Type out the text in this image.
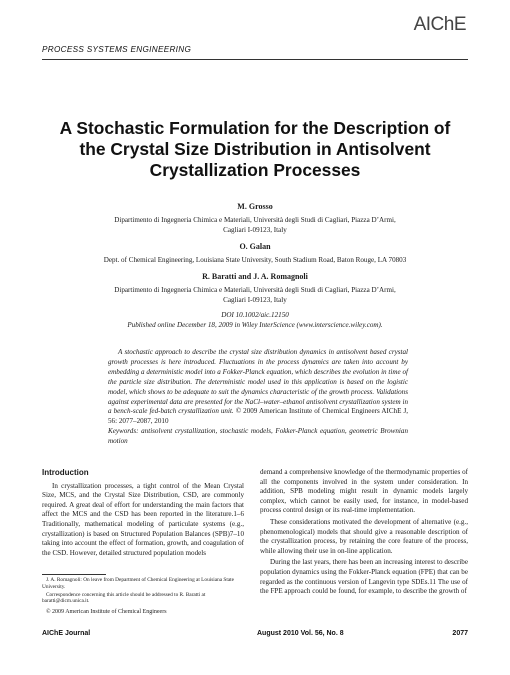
AIChE
PROCESS SYSTEMS ENGINEERING
A Stochastic Formulation for the Description of
the Crystal Size Distribution in Antisolvent
Crystallization Processes
M. Grosso
Dipartimento di Ingegneria Chimica e Materiali, Università degli Studi di Cagliari, Piazza D’Armi,
Cagliari I-09123, Italy
O. Galan
Dept. of Chemical Engineering, Louisiana State University, South Stadium Road, Baton Rouge, LA 70803
R. Baratti and J. A. Romagnoli
Dipartimento di Ingegneria Chimica e Materiali, Università degli Studi di Cagliari, Piazza D’Armi,
Cagliari I-09123, Italy
DOI 10.1002/aic.12150
Published online December 18, 2009 in Wiley InterScience (www.interscience.wiley.com).
A stochastic approach to describe the crystal size distribution dynamics in antisolvent based crystal growth processes is here introduced. Fluctuations in the process dynamics are taken into account by embedding a deterministic model into a Fokker-Planck equation, which describes the evolution in time of the particle size distribution. The deterministic model used in this application is based on the logistic model, which shows to be adequate to suit the dynamics characteristic of the growth process. Validations against experimental data are presented for the NaCl–water–ethanol antisolvent crystallization system in a bench-scale fed-batch crystallization unit. © 2009 American Institute of Chemical Engineers AIChE J, 56: 2077–2087, 2010
Keywords: antisolvent crystallization, stochastic models, Fokker-Planck equation, geometric Brownian motion
Introduction

In crystallization processes, a tight control of the Mean Crystal Size, MCS, and the Crystal Size Distribution, CSD, are commonly required. A great deal of effort for understanding the main factors that affect the MCS and the CSD has been reported in the literature.1–6 Traditionally, mathematical modeling of particulate systems (e.g., crystallization) is based on Structured Population Balances (SPB)7–10 taking into account the effect of formation, growth, and coagulation of the CSD. However, detailed structured population models

demand a comprehensive knowledge of the thermodynamic properties of all the components involved in the system under consideration. In addition, SPB modeling might result in dynamic models largely complex, which cannot be easily used, for instance, in model-based process control design or its real-time implementation.

These considerations motivated the development of alternative (e.g., phenomenological) models that should give a reasonable description of the crystallization process, by retaining the core feature of the process, while allowing their use in on-line application.

During the last years, there has been an increasing interest to describe population dynamics using the Fokker-Planck equation (FPE) that can be regarded as the continuous version of Langevin type SDEs.11 The use of the FPE approach could be found, for example, to describe the growth of

J. A. Romagnoli: On leave from Department of Chemical Engineering at Louisiana State University.

Correspondence concerning this article should be addressed to R. Baratti at baratti@dicm.unica.it.

© 2009 American Institute of Chemical Engineers

AIChE Journal	August 2010 Vol. 56, No. 8	2077
